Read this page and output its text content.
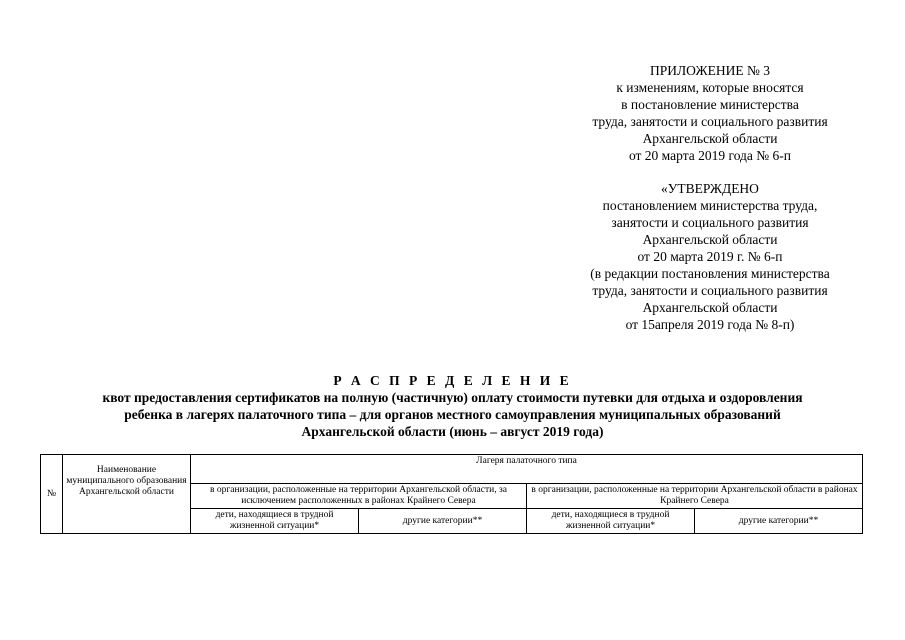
ПРИЛОЖЕНИЕ № 3
к изменениям, которые вносятся
в постановление министерства
труда, занятости и социального развития
Архангельской области
от 20 марта 2019 года № 6-п
«УТВЕРЖДЕНО
постановлением министерства труда,
занятости и социального развития
Архангельской области
от 20 марта 2019 г. № 6-п
(в редакции постановления министерства
труда, занятости и социального развития
Архангельской области
от 15апреля 2019 года № 8-п)
Р А С П Р Е Д Е Л Е Н И Е
квот предоставления сертификатов на полную (частичную) оплату стоимости путевки для отдыха и оздоровления
ребенка в лагерях палаточного типа – для органов местного самоуправления муниципальных образований
Архангельской области (июнь – август 2019 года)
№	Наименование муниципального образования Архангельской области	Лагеря палаточного типа			
		в организации, расположенные на территории Архангельской области, за исключением расположенных в районах Крайнего Севера		в организации, расположенные на территории Архангельской области в районах Крайнего Севера	
		дети, находящиеся в трудной жизненной ситуации*	другие категории**	дети, находящиеся в трудной жизненной ситуации*	другие категории**
